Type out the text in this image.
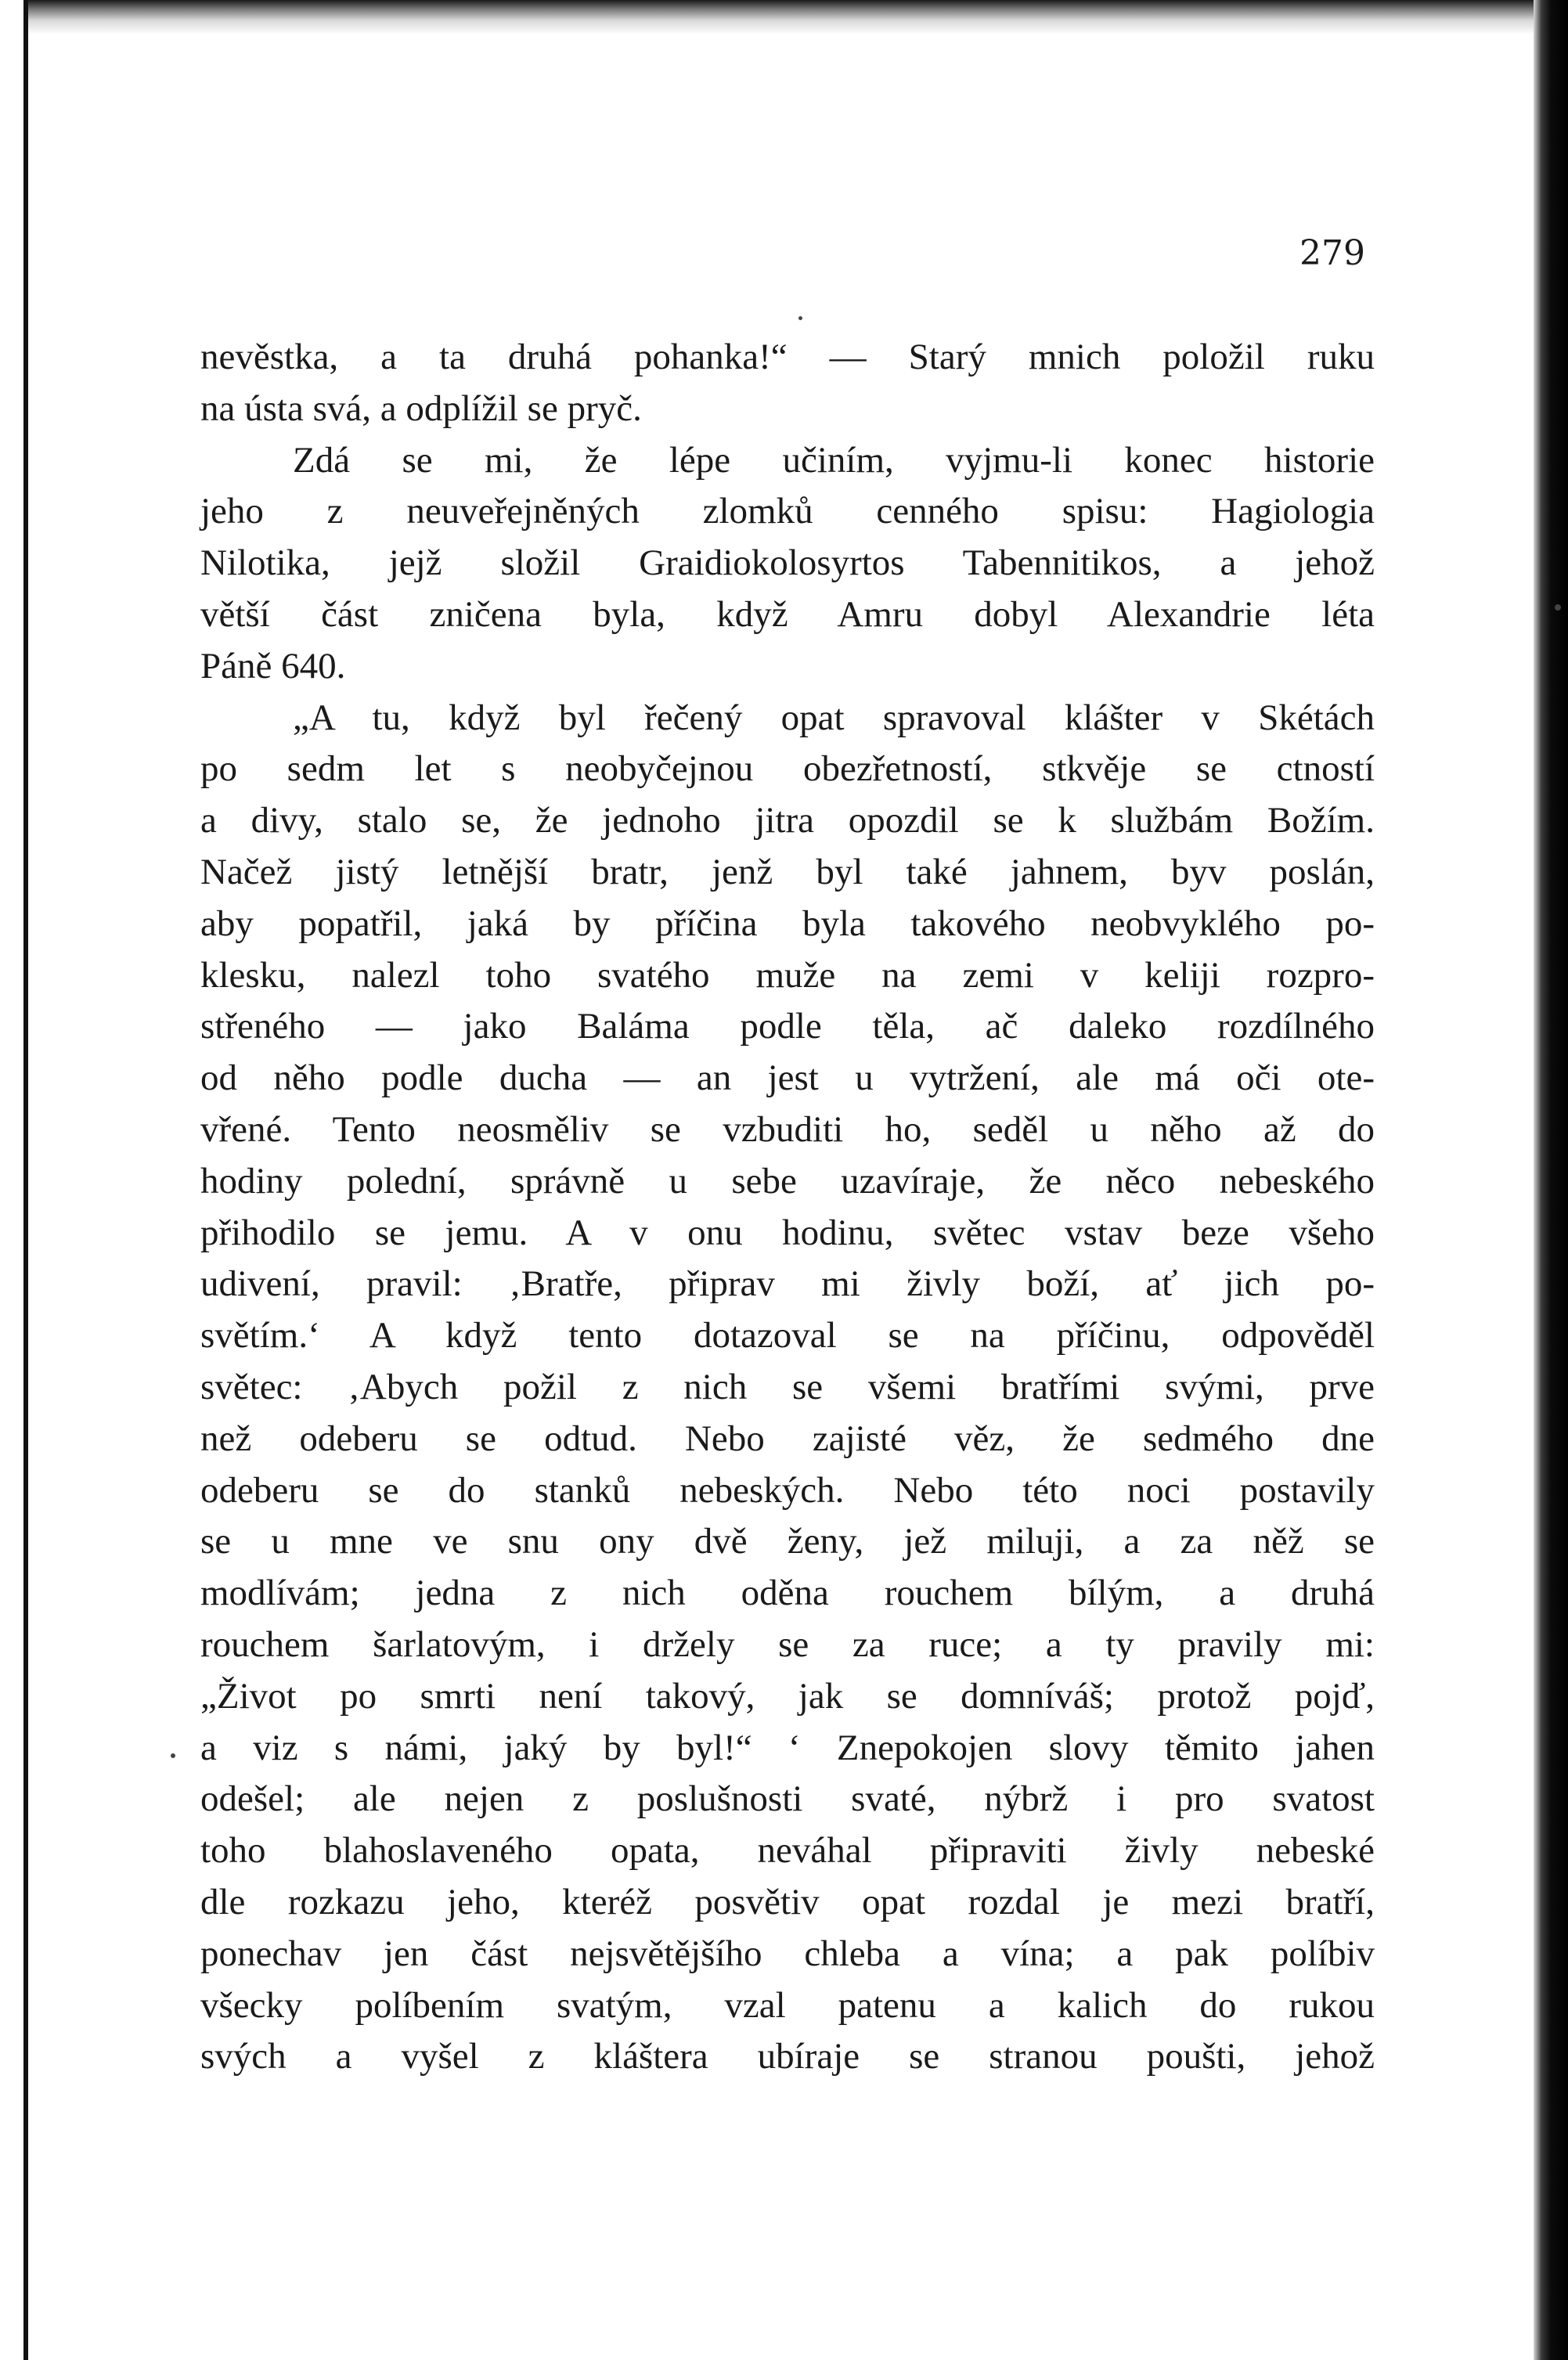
279
nevěstka, a ta druhá pohanka!“ — Starý mnich položil ruku
na ústa svá, a odplížil se pryč.
Zdá se mi, že lépe učiním, vyjmu-li konec historie
jeho z neuveřejněných zlomků cenného spisu: Hagiologia
Nilotika, jejž složil Graidiokolosyrtos Tabennitikos, a jehož
větší část zničena byla, když Amru dobyl Alexandrie léta
Páně 640.
„A tu, když byl řečený opat spravoval klášter v Skétách
po sedm let s neobyčejnou obezřetností, stkvěje se ctností
a divy, stalo se, že jednoho jitra opozdil se k službám Božím.
Načež jistý letnější bratr, jenž byl také jahnem, byv poslán,
aby popatřil, jaká by příčina byla takového neobvyklého po-
klesku, nalezl toho svatého muže na zemi v keliji rozpro-
střeného — jako Baláma podle těla, ač daleko rozdílného
od něho podle ducha — an jest u vytržení, ale má oči ote-
vřené. Tento neosměliv se vzbuditi ho, seděl u něho až do
hodiny polední, správně u sebe uzavíraje, že něco nebeského
přihodilo se jemu. A v onu hodinu, světec vstav beze všeho
udivení, pravil: ‚Bratře, připrav mi živly boží, ať jich po-
světím.‘ A když tento dotazoval se na příčinu, odpověděl
světec: ‚Abych požil z nich se všemi bratřími svými, prve
než odeberu se odtud. Nebo zajisté věz, že sedmého dne
odeberu se do stanků nebeských. Nebo této noci postavily
se u mne ve snu ony dvě ženy, jež miluji, a za něž se
modlívám; jedna z nich oděna rouchem bílým, a druhá
rouchem šarlatovým, i držely se za ruce; a ty pravily mi:
„Život po smrti není takový, jak se domníváš; protož pojď,
a viz s námi, jaký by byl!“ ‘ Znepokojen slovy těmito jahen
odešel; ale nejen z poslušnosti svaté, nýbrž i pro svatost
toho blahoslaveného opata, neváhal připraviti živly nebeské
dle rozkazu jeho, kteréž posvětiv opat rozdal je mezi bratří,
ponechav jen část nejsvětějšího chleba a vína; a pak políbiv
všecky políbením svatým, vzal patenu a kalich do rukou
svých a vyšel z kláštera ubíraje se stranou poušti, jehož
